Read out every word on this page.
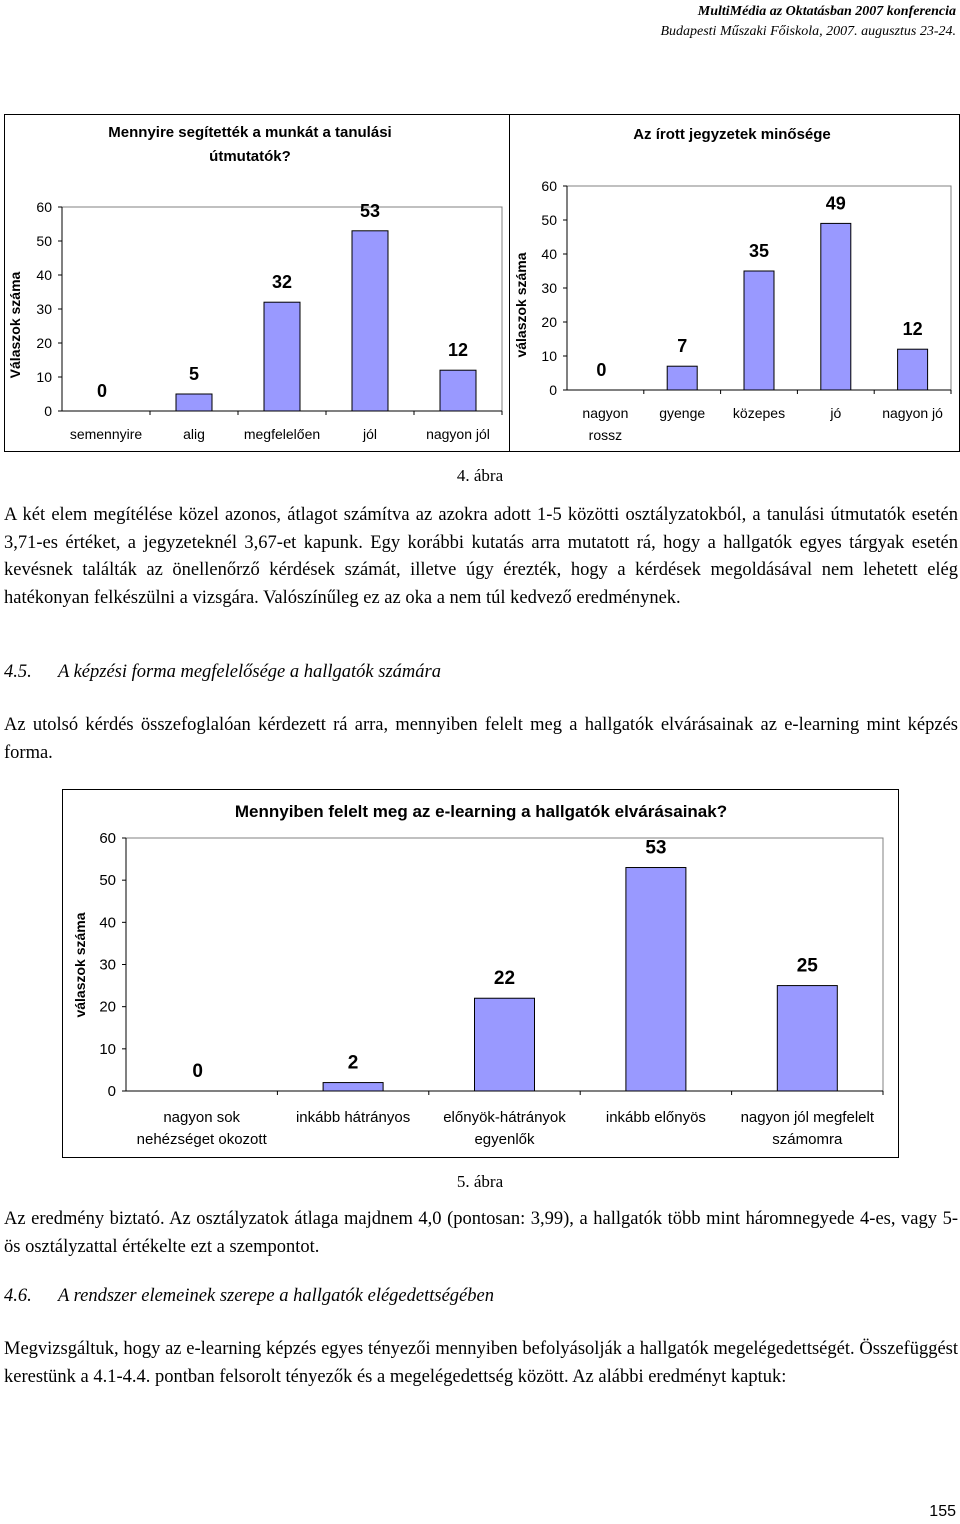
MultiMédia az Oktatásban 2007 konferencia
Budapesti Műszaki Főiskola, 2007. augusztus 23-24.
Mennyire segítették a munkát a tanulási
útmutatók?
Válaszok száma
0
10
20
30
40
50
60
0
semennyire
5
alig
32
megfelelően
53
jól
12
nagyon jól
Az írott jegyzetek minősége
válaszok száma
0
10
20
30
40
50
60
0
nagyon
rossz
7
gyenge
35
közepes
49
jó
12
nagyon jó
4. ábra

A két elem megítélése közel azonos, átlagot számítva az azokra adott 1-5 közötti osztályzatokból, a tanulási útmutatók esetén 3,71-es értéket, a jegyzeteknél 3,67-et kapunk. Egy korábbi kutatás arra mutatott rá, hogy a hallgatók egyes tárgyak esetén kevésnek találták az önellenőrző kérdések számát, illetve úgy érezték, hogy a kérdések megoldásával nem lehetett elég hatékonyan felkészülni a vizsgára. Valószínűleg ez az oka a nem túl kedvező eredménynek.

4.5. A képzési forma megfelelősége a hallgatók számára

Az utolsó kérdés összefoglalóan kérdezett rá arra, mennyiben felelt meg a hallgatók elvárásainak az e-learning mint képzés forma.

Mennyiben felelt meg az e-learning a hallgatók elvárásainak?
válaszok száma
0
10
20
30
40
50
60
0
nagyon sok
nehézséget okozott
2
inkább hátrányos
22
előnyök-hátrányok
egyenlők
53
inkább előnyös
25
nagyon jól megfelelt
számomra
5. ábra

Az eredmény biztató. Az osztályzatok átlaga majdnem 4,0 (pontosan: 3,99), a hallgatók több mint háromnegyede 4-es, vagy 5-ös osztályzattal értékelte ezt a szempontot.

4.6. A rendszer elemeinek szerepe a hallgatók elégedettségében

Megvizsgáltuk, hogy az e-learning képzés egyes tényezői mennyiben befolyásolják a hallgatók megelégedettségét. Összefüggést kerestünk a 4.1-4.4. pontban felsorolt tényezők és a megelégedettség között. Az alábbi eredményt kaptuk:

155
